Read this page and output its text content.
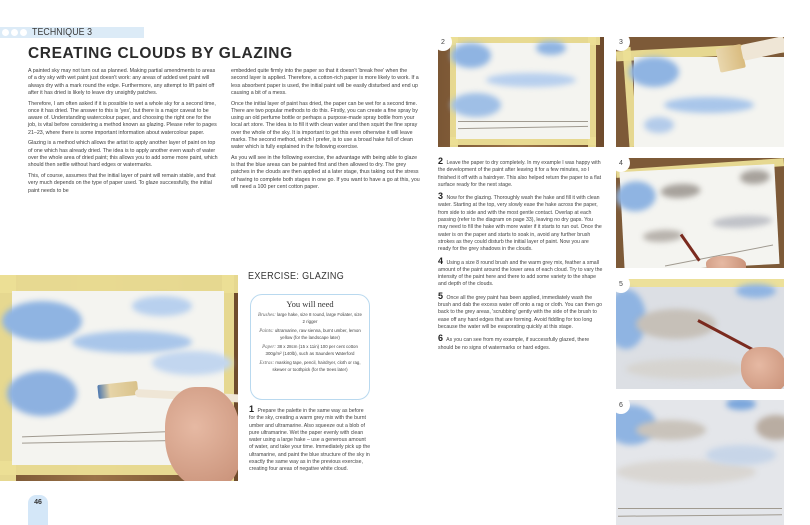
TECHNIQUE 3
CREATING CLOUDS BY GLAZING

A painted sky may not turn out as planned. Making partial amendments to areas of a dry sky with wet paint just doesn't work: any areas of added wet paint will always dry with a mark round the edge. Furthermore, any attempt to lift paint off after it has dried is likely to leave dry unsightly patches.

Therefore, I am often asked if it is possible to wet a whole sky for a second time, once it has dried. The answer to this is 'yes', but there is a major caveat to be aware of. Understanding watercolour paper, and choosing the right one for the job, is vital before considering a method known as glazing. Please refer to pages 21–23, where there is some important information about watercolour paper.

Glazing is a method which allows the artist to apply another layer of paint on top of one which has already dried. The idea is to apply another even wash of water over the whole area of dried paint; this allows you to add some more paint, which should then settle without hard edges or watermarks.

This, of course, assumes that the initial layer of paint will remain stable, and that very much depends on the type of paper used. To glaze successfully, the initial paint needs to be

embedded quite firmly into the paper so that it doesn't 'break free' when the second layer is applied. Therefore, a cotton-rich paper is more likely to work. If a less absorbent paper is used, the initial paint will be easily disturbed and end up causing a bit of a mess.

Once the initial layer of paint has dried, the paper can be wet for a second time. There are two popular methods to do this. Firstly, you can create a fine spray by using an old perfume bottle or perhaps a purpose-made spray bottle from your local art store. The idea is to fill it with clean water and then squirt the fine spray over the whole of the sky. It is important to get this even otherwise it will leave marks. The second method, which I prefer, is to use a broad hake full of clean water which is fully explained in the following exercise.

As you will see in the following exercise, the advantage with being able to glaze is that the blue areas can be painted first and then allowed to dry. The grey patches in the clouds are then applied at a later stage, thus taking out the stress of having to complete both stages in one go. If you want to have a go at this, you will need a 100 per cent cotton paper.

46
EXERCISE: GLAZING
You will need

Brushes: large hake, size 8 round, large Foliater, size 2 rigger

Paints: ultramarine, raw sienna, burnt umber, lemon yellow (for the landscape later)

Paper: 38 x 28cm (15 x 11in) 100 per cent cotton 300g/m² (140lb), such as Saunders Waterford

Extras: masking tape, pencil, hairdryer, cloth or rag, skewer or toothpick (for the trees later)

1 Prepare the palette in the same way as before for the sky, creating a warm grey mix with the burnt umber and ultramarine. Also squeeze out a blob of pure ultramarine. Wet the paper evenly with clean water using a large hake – use a generous amount of water, and take your time. Immediately pick up the ultramarine, and paint the blue structure of the sky in exactly the same way as in the previous exercise, creating four areas of negative white cloud.
2	3
4
5
6
2 Leave the paper to dry completely. In my example I was happy with the development of the paint after leaving it for a few minutes, so I finished it off with a hairdryer. This also helped return the paper to a flat surface ready for the next stage.
3 Now for the glazing. Thoroughly wash the hake and fill it with clean water. Starting at the top, very slowly ease the hake across the paper, from side to side and with the most gentle contact. Overlap at each passing (refer to the diagram on page 33), leaving no dry gaps. You may need to fill the hake with more water if it starts to run out. Once the water is on the paper and starts to soak in, avoid any further brush strokes as they could disturb the initial layer of paint. Now you are ready for the grey shadows in the clouds.
4 Using a size 8 round brush and the warm grey mix, feather a small amount of the paint around the lower area of each cloud. Try to vary the intensity of the paint here and there to add some variety to the shape and depth of the clouds.
5 Once all the grey paint has been applied, immediately wash the brush and dab the excess water off onto a rag or cloth. You can then go back to the grey areas, 'scrubbing' gently with the side of the brush to ease off any hard edges that are forming. Avoid fiddling for too long because the water will be evaporating quickly at this stage.
6 As you can see from my example, if successfully glazed, there should be no signs of watermarks or hard edges.
